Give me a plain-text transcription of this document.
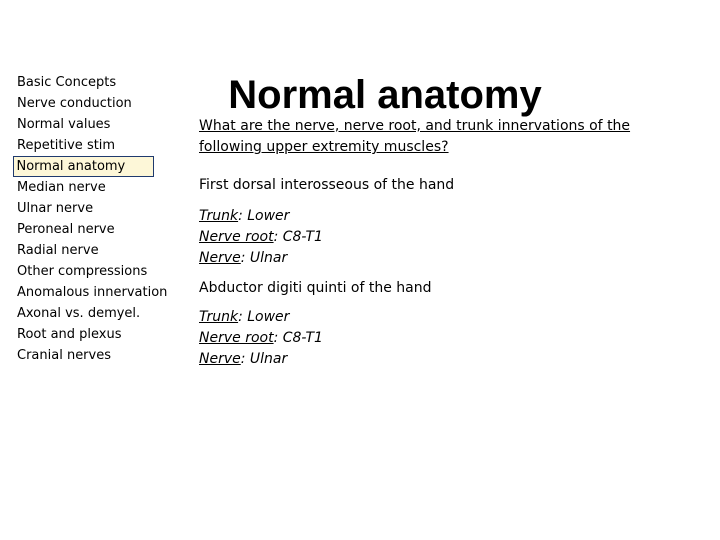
Basic Concepts
Nerve conduction
Normal values
Repetitive stim
Normal anatomy
Median nerve
Ulnar nerve
Peroneal nerve
Radial nerve
Other compressions
Anomalous innervation
Axonal vs. demyel.
Root and plexus
Cranial nerves
Normal anatomy

What are the nerve, nerve root, and trunk innervations of the following upper extremity muscles?

First dorsal interosseous of the hand

Trunk: Lower
Nerve root: C8-T1
Nerve: Ulnar

Abductor digiti quinti of the hand

Trunk: Lower
Nerve root: C8-T1
Nerve: Ulnar
